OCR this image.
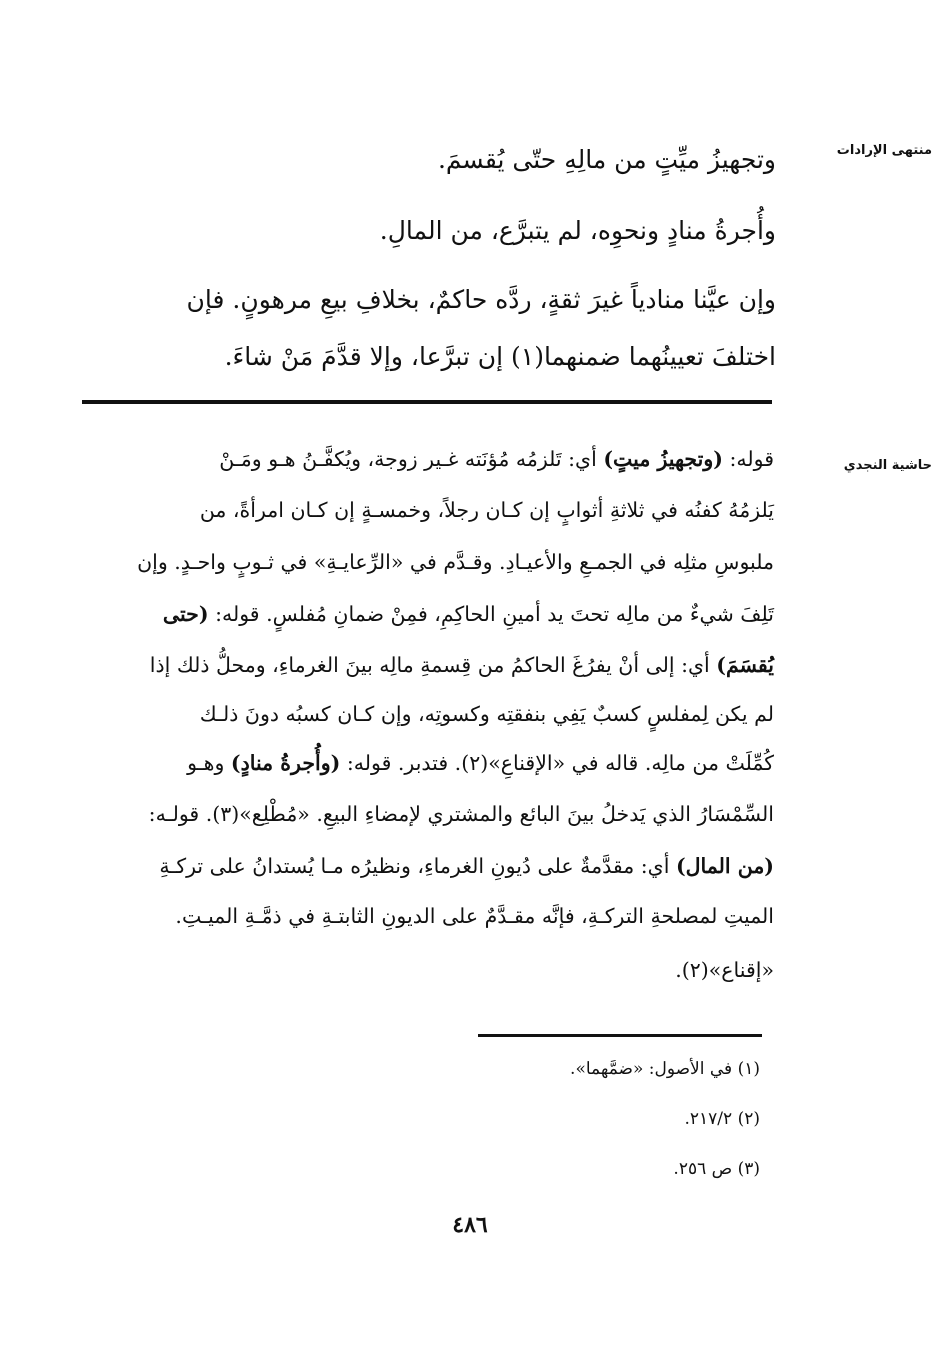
منتهى الإرادات
حاشية النجدي
وتجهيزُ ميِّتٍ من مالِهِ حتّى يُقسمَ.
وأُجرةُ منادٍ ونحوِه، لم يتبرَّع، من المالِ.
وإن عيَّنا منادياً غيرَ ثقةٍ، ردَّه حاكمٌ، بخلافِ بيعِ مرهونٍ. فإن
اختلفَ تعيينُهما ضمنهما(١) إن تبرَّعا، وإلا قدَّمَ مَنْ شاءَ.
قوله: (وتجهيزُ ميتٍ) أي: تَلزمُه مُؤنَته غـير زوجة، ويُكفَّـنُ هـو ومَـنْ
يَلزمُهُ كفنُه في ثلاثةِ أثوابٍ إن كـان رجلاً، وخمسـةٍ إن كـان امرأةً، من
ملبوسِ مثلِه في الجمـعِ والأعيـادِ. وقـدَّم في «الرِّعايـةِ» في ثـوبٍ واحـدٍ. وإن
تَلِفَ شيءٌ من مالِه تحتَ يد أمينِ الحاكِمِ، فمِنْ ضمانِ مُفلسٍ. قوله: (حتى
يُقسَمَ) أي: إلى أنْ يفرُغَ الحاكمُ من قِسمةِ مالِه بينَ الغرماءِ، ومحلُّ ذلك إذا
لم يكن لِمفلسٍ كسبٌ يَفِي بنفقتِه وكسوتِه، وإن كـان كسبُه دونَ ذلـك
كُمِّلَتْ من مالِه. قاله في «الإقناعِ»(٢). فتدبر. قوله: (وأُجرةُ منادٍ) وهـو
السِّمْسَارُ الذي يَدخلُ بينَ البائع والمشتري لإمضاءِ البيعِ. «مُطْلِع»(٣). قولـه:
(من المال) أي: مقدَّمةٌ على دُيونِ الغرماءِ، ونظيرُه مـا يُستدانُ على تركـةِ
الميتِ لمصلحةِ التركـةِ، فإنَّه مقـدَّمٌ على الديونِ الثابتـةِ في ذمَّـةِ الميـتِ.
«إقناع»(٢).
(١) في الأصول: «ضمَّهما».
(٢) ٢١٧/٢.
(٣) ص ٢٥٦.
٤٨٦
